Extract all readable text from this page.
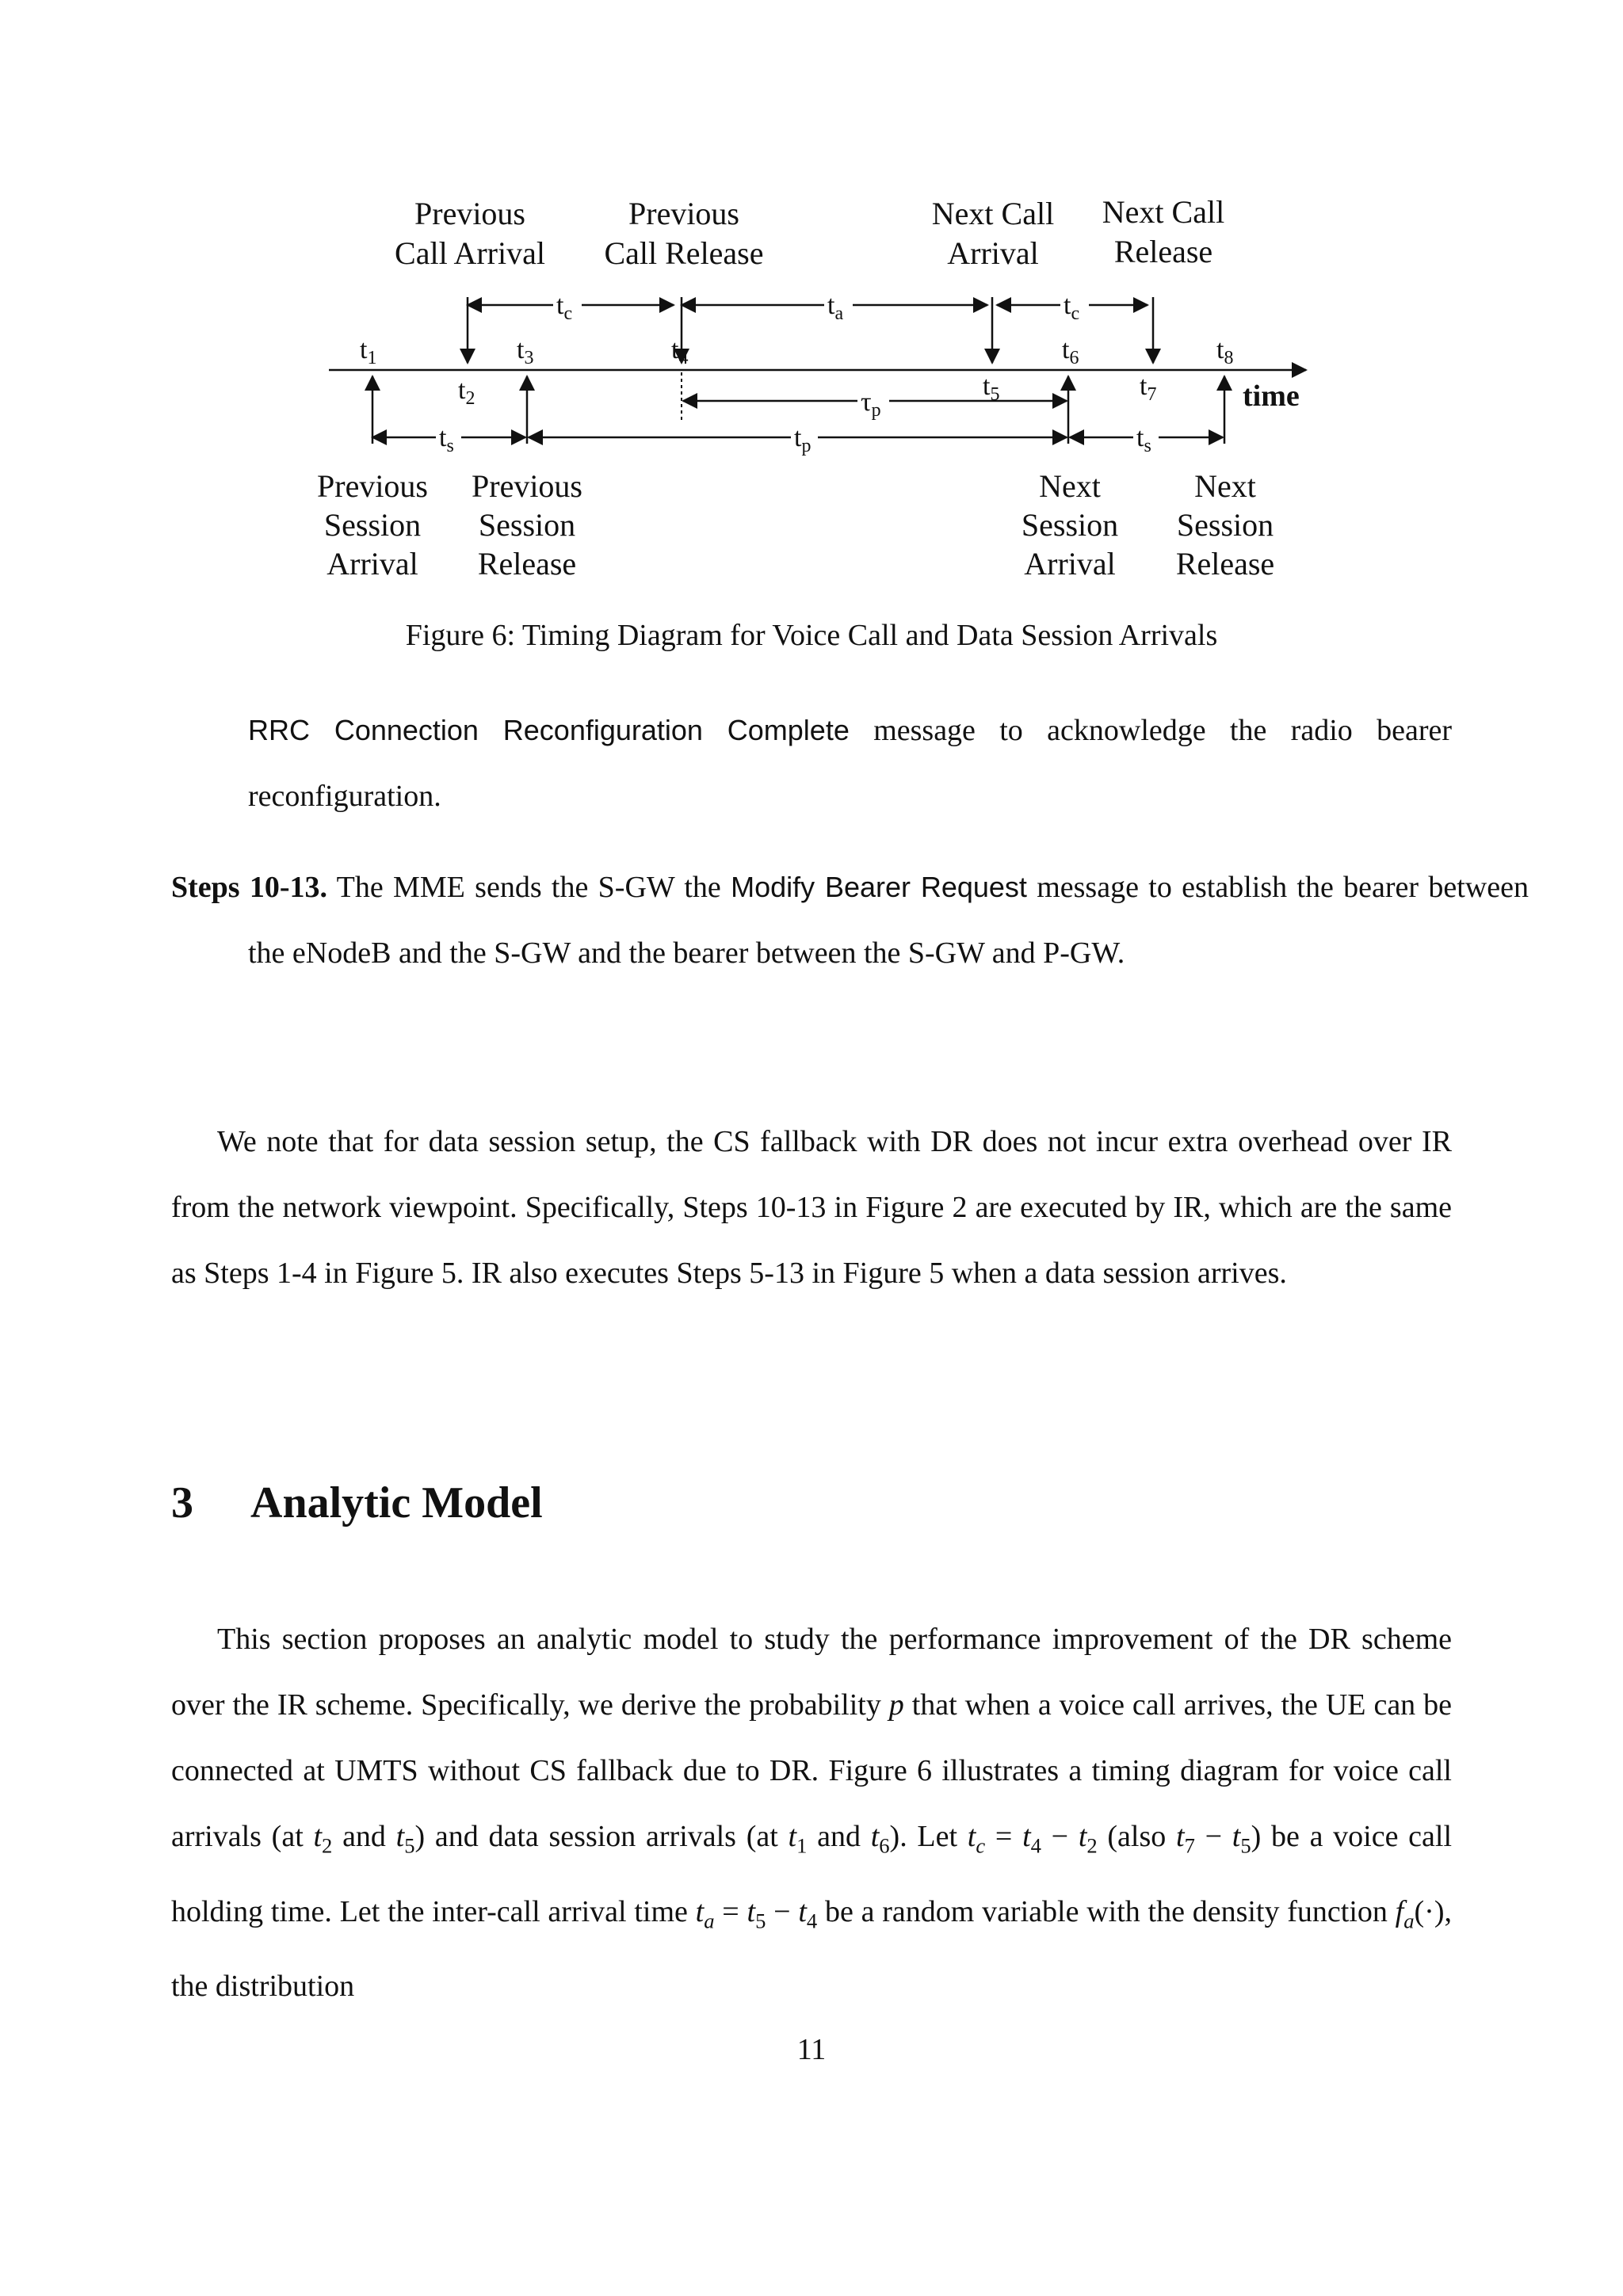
Previous
Call Arrival
Previous
Call Release
Next Call
Arrival
Next Call
Release
$t_c$	$t_a$	$t_c$
$t_1$	$t_3$	$t_4$	$t_6$	$t_8$
time
$t_2$	$t_5$	$t_7$
$\tau_p$
$t_s$	$t_p$	$t_s$
Previous
Session
Arrival
Previous
Session
Release
Next
Session
Arrival
Next
Session
Release
Figure 6: Timing Diagram for Voice Call and Data Session Arrivals
RRC Connection Reconfiguration Complete message to acknowledge the radio bearer reconfiguration.
Steps 10-13. The MME sends the S-GW the Modify Bearer Request message to establish the bearer between the eNodeB and the S-GW and the bearer between the S-GW and P-GW.
We note that for data session setup, the CS fallback with DR does not incur extra overhead over IR from the network viewpoint. Specifically, Steps 10-13 in Figure 2 are executed by IR, which are the same as Steps 1-4 in Figure 5. IR also executes Steps 5-13 in Figure 5 when a data session arrives.
3 Analytic Model
This section proposes an analytic model to study the performance improvement of the DR scheme over the IR scheme. Specifically, we derive the probability p that when a voice call arrives, the UE can be connected at UMTS without CS fallback due to DR. Figure 6 illustrates a timing diagram for voice call arrivals (at $t_2$ and $t_5$) and data session arrivals (at $t_1$ and $t_6$). Let $t_c = t_4 - t_2$ (also $t_7 - t_5$) be a voice call holding time. Let the inter-call arrival time $t_a = t_5 - t_4$ be a random variable with the density function $f_a(\cdot)$, the distribution
11
